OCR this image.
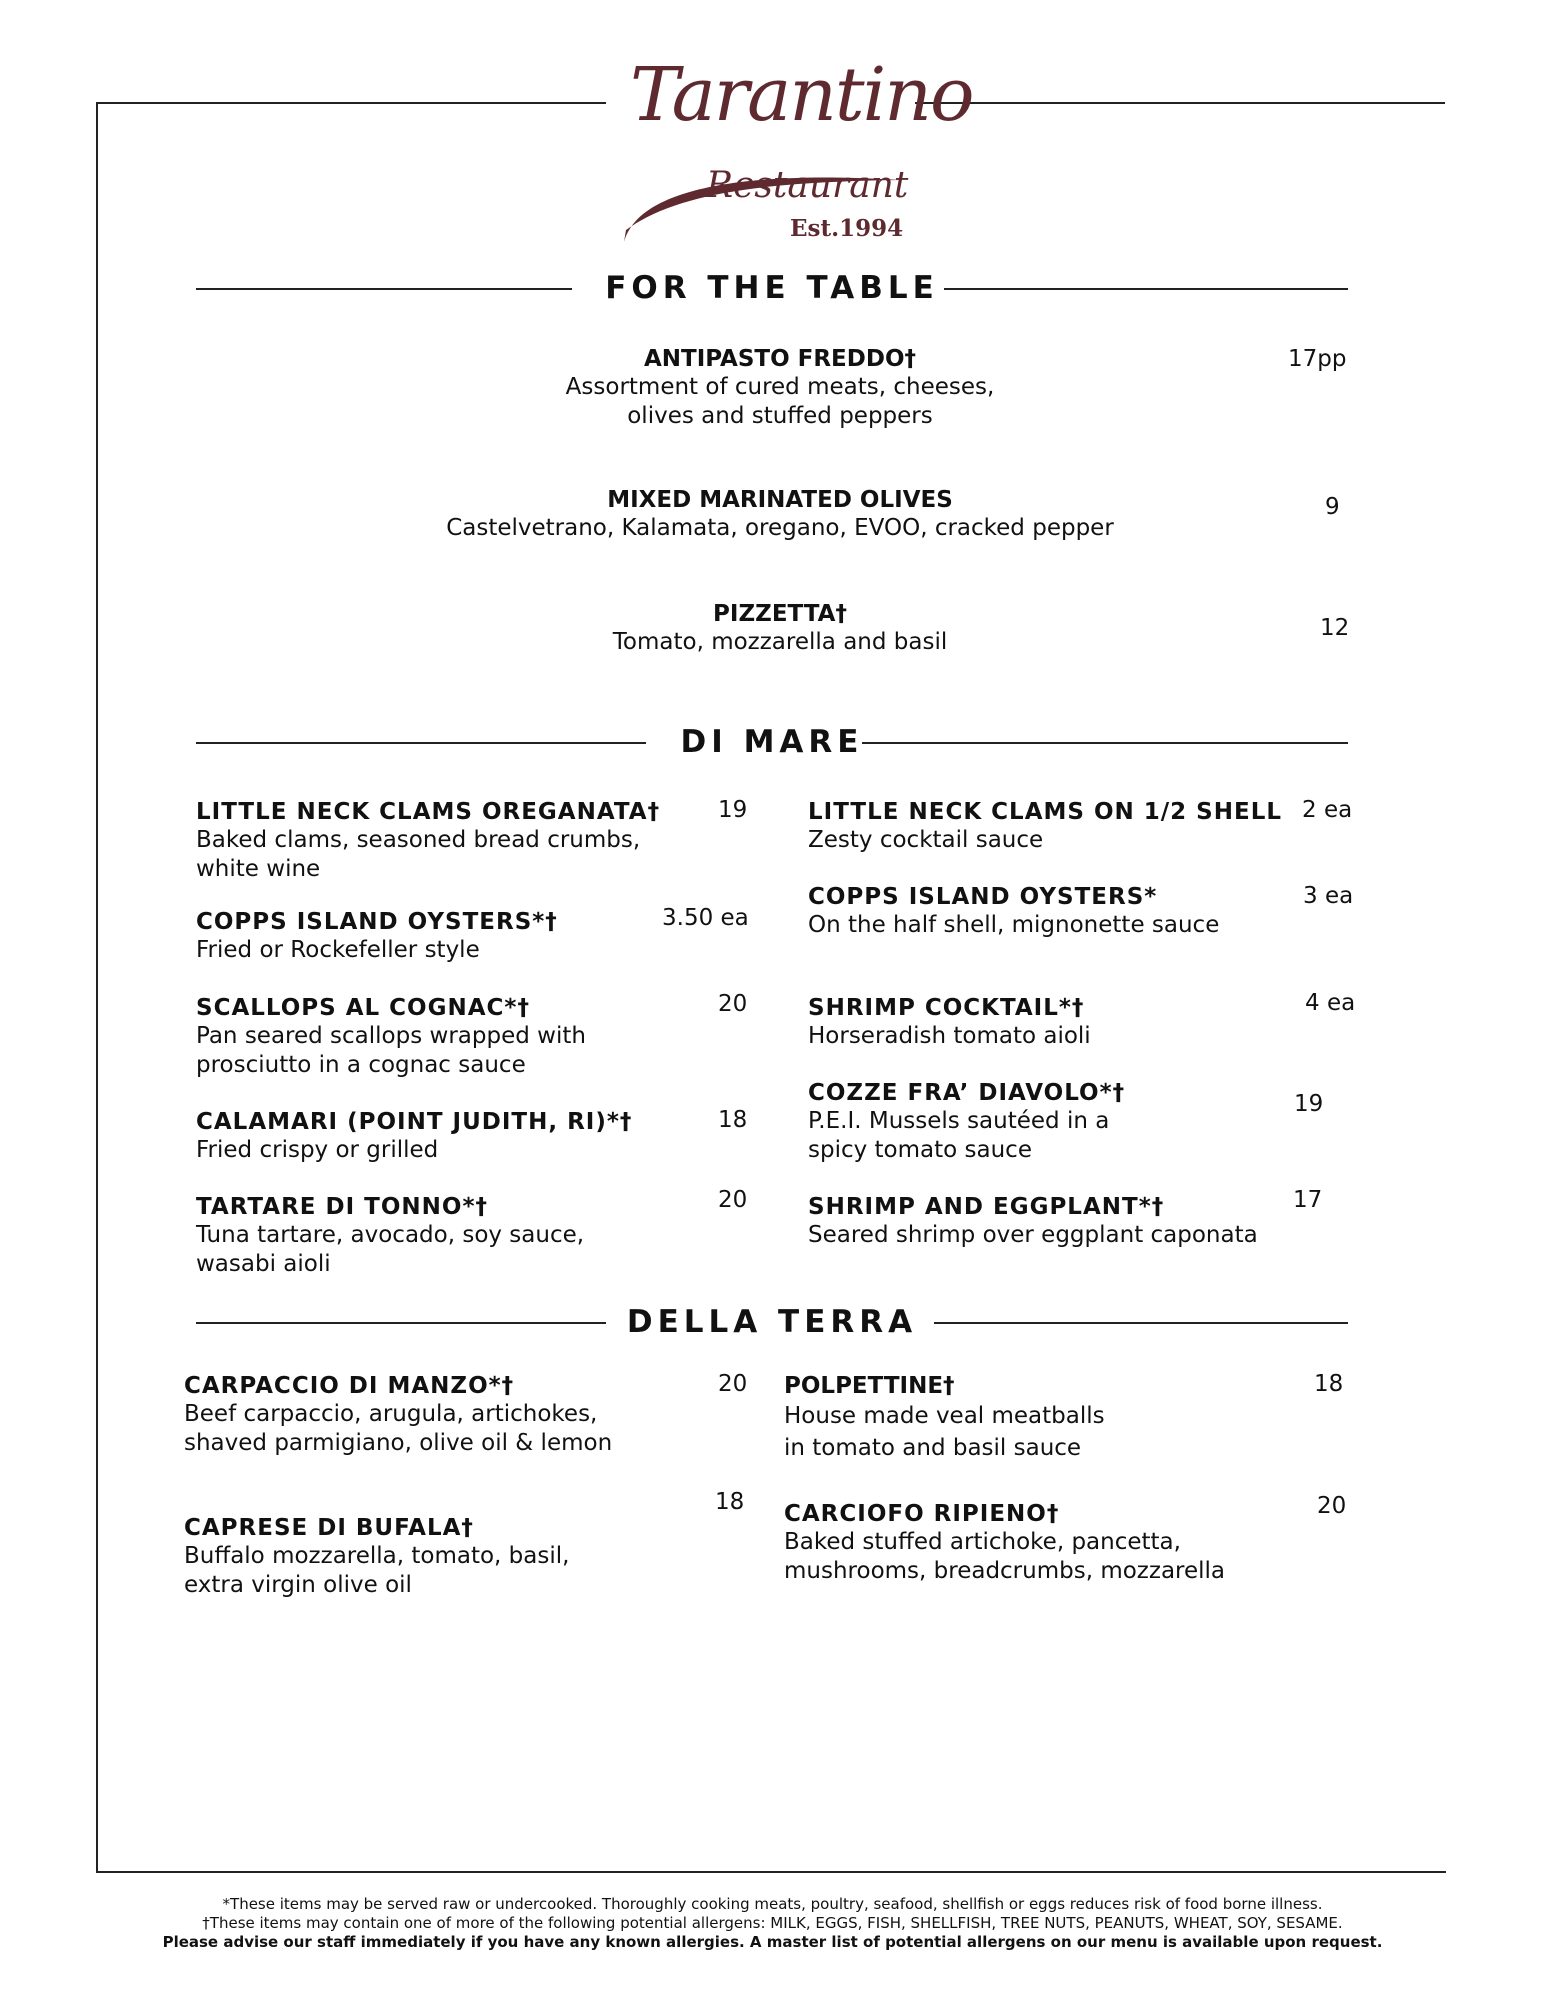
Tarantino
Restaurant
Est.1994
FOR THE TABLE
ANTIPASTO FREDDO†
Assortment of cured meats, cheeses,
olives and stuffed peppers
17pp
MIXED MARINATED OLIVES
Castelvetrano, Kalamata, oregano, EVOO, cracked pepper
9
PIZZETTA†
Tomato, mozzarella and basil
12
DI MARE
LITTLE NECK CLAMS OREGANATA†
Baked clams, seasoned bread crumbs,
white wine
19
COPPS ISLAND OYSTERS*†
Fried or Rockefeller style
3.50 ea
SCALLOPS AL COGNAC*†
Pan seared scallops wrapped with
prosciutto in a cognac sauce
20
CALAMARI (POINT JUDITH, RI)*†
Fried crispy or grilled
18
TARTARE DI TONNO*†
Tuna tartare, avocado, soy sauce,
wasabi aioli
20
LITTLE NECK CLAMS ON 1/2 SHELL
Zesty cocktail sauce
2 ea
COPPS ISLAND OYSTERS*
On the half shell, mignonette sauce
3 ea
SHRIMP COCKTAIL*†
Horseradish tomato aioli
4 ea
COZZE FRA’ DIAVOLO*†
P.E.I. Mussels sautéed in a
spicy tomato sauce
19
SHRIMP AND EGGPLANT*†
Seared shrimp over eggplant caponata
17
DELLA TERRA
CARPACCIO DI MANZO*†
Beef carpaccio, arugula, artichokes,
shaved parmigiano, olive oil & lemon
20
CAPRESE DI BUFALA†
Buffalo mozzarella, tomato, basil,
extra virgin olive oil
18
POLPETTINE†
House made veal meatballs
in tomato and basil sauce
18
CARCIOFO RIPIENO†
Baked stuffed artichoke, pancetta,
mushrooms, breadcrumbs, mozzarella
20
*These items may be served raw or undercooked. Thoroughly cooking meats, poultry, seafood, shellfish or eggs reduces risk of food borne illness.
†These items may contain one of more of the following potential allergens: MILK, EGGS, FISH, SHELLFISH, TREE NUTS, PEANUTS, WHEAT, SOY, SESAME.
Please advise our staff immediately if you have any known allergies. A master list of potential allergens on our menu is available upon request.
